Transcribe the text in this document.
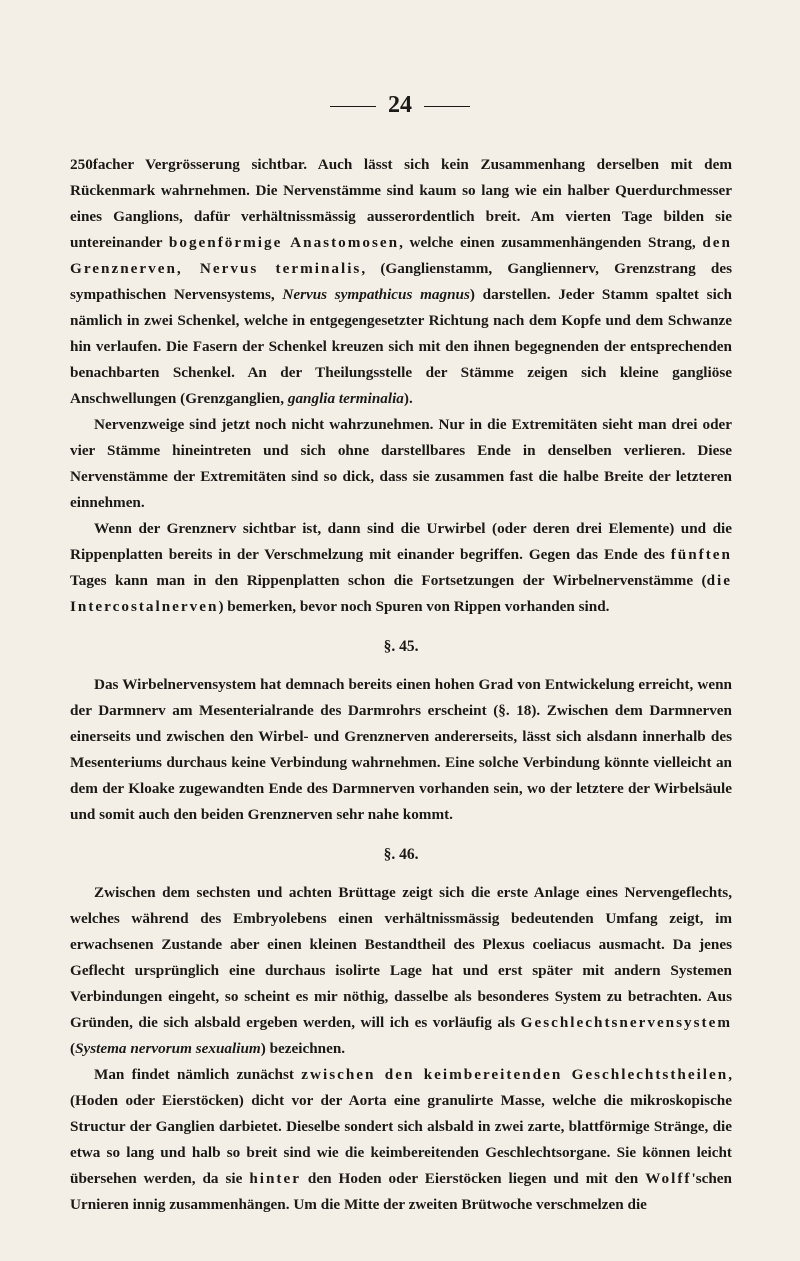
24

250facher Vergrösserung sichtbar. Auch lässt sich kein Zusammenhang derselben mit dem Rückenmark wahrnehmen. Die Nervenstämme sind kaum so lang wie ein halber Querdurchmesser eines Ganglions, dafür verhältnissmässig ausserordentlich breit. Am vierten Tage bilden sie untereinander bogenförmige Anastomosen, welche einen zusammenhängenden Strang, den Grenznerven, Nervus terminalis, (Ganglienstamm, Gangliennerv, Grenzstrang des sympathischen Nervensystems, Nervus sympathicus magnus) darstellen. Jeder Stamm spaltet sich nämlich in zwei Schenkel, welche in entgegengesetzter Richtung nach dem Kopfe und dem Schwanze hin verlaufen. Die Fasern der Schenkel kreuzen sich mit den ihnen begegnenden der entsprechenden benachbarten Schenkel. An der Theilungsstelle der Stämme zeigen sich kleine gangliöse Anschwellungen (Grenzganglien, ganglia terminalia).

Nervenzweige sind jetzt noch nicht wahrzunehmen. Nur in die Extremitäten sieht man drei oder vier Stämme hineintreten und sich ohne darstellbares Ende in denselben verlieren. Diese Nervenstämme der Extremitäten sind so dick, dass sie zusammen fast die halbe Breite der letzteren einnehmen.

Wenn der Grenznerv sichtbar ist, dann sind die Urwirbel (oder deren drei Elemente) und die Rippenplatten bereits in der Verschmelzung mit einander begriffen. Gegen das Ende des fünften Tages kann man in den Rippenplatten schon die Fortsetzungen der Wirbelnervenstämme (die Intercostalnerven) bemerken, bevor noch Spuren von Rippen vorhanden sind.

§. 45.

Das Wirbelnervensystem hat demnach bereits einen hohen Grad von Entwickelung erreicht, wenn der Darmnerv am Mesenterialrande des Darmrohrs erscheint (§. 18). Zwischen dem Darmnerven einerseits und zwischen den Wirbel- und Grenznerven andererseits, lässt sich alsdann innerhalb des Mesenteriums durchaus keine Verbindung wahrnehmen. Eine solche Verbindung könnte vielleicht an dem der Kloake zugewandten Ende des Darmnerven vorhanden sein, wo der letztere der Wirbelsäule und somit auch den beiden Grenznerven sehr nahe kommt.

§. 46.

Zwischen dem sechsten und achten Brüttage zeigt sich die erste Anlage eines Nervengeflechts, welches während des Embryolebens einen verhältnissmässig bedeutenden Umfang zeigt, im erwachsenen Zustande aber einen kleinen Bestandtheil des Plexus coeliacus ausmacht. Da jenes Geflecht ursprünglich eine durchaus isolirte Lage hat und erst später mit andern Systemen Verbindungen eingeht, so scheint es mir nöthig, dasselbe als besonderes System zu betrachten. Aus Gründen, die sich alsbald ergeben werden, will ich es vorläufig als Geschlechtsnervensystem (Systema nervorum sexualium) bezeichnen.

Man findet nämlich zunächst zwischen den keimbereitenden Geschlechtstheilen, (Hoden oder Eierstöcken) dicht vor der Aorta eine granulirte Masse, welche die mikroskopische Structur der Ganglien darbietet. Dieselbe sondert sich alsbald in zwei zarte, blattförmige Stränge, die etwa so lang und halb so breit sind wie die keimbereitenden Geschlechtsorgane. Sie können leicht übersehen werden, da sie hinter den Hoden oder Eierstöcken liegen und mit den Wolff'schen Urnieren innig zusammenhängen. Um die Mitte der zweiten Brütwoche verschmelzen die
